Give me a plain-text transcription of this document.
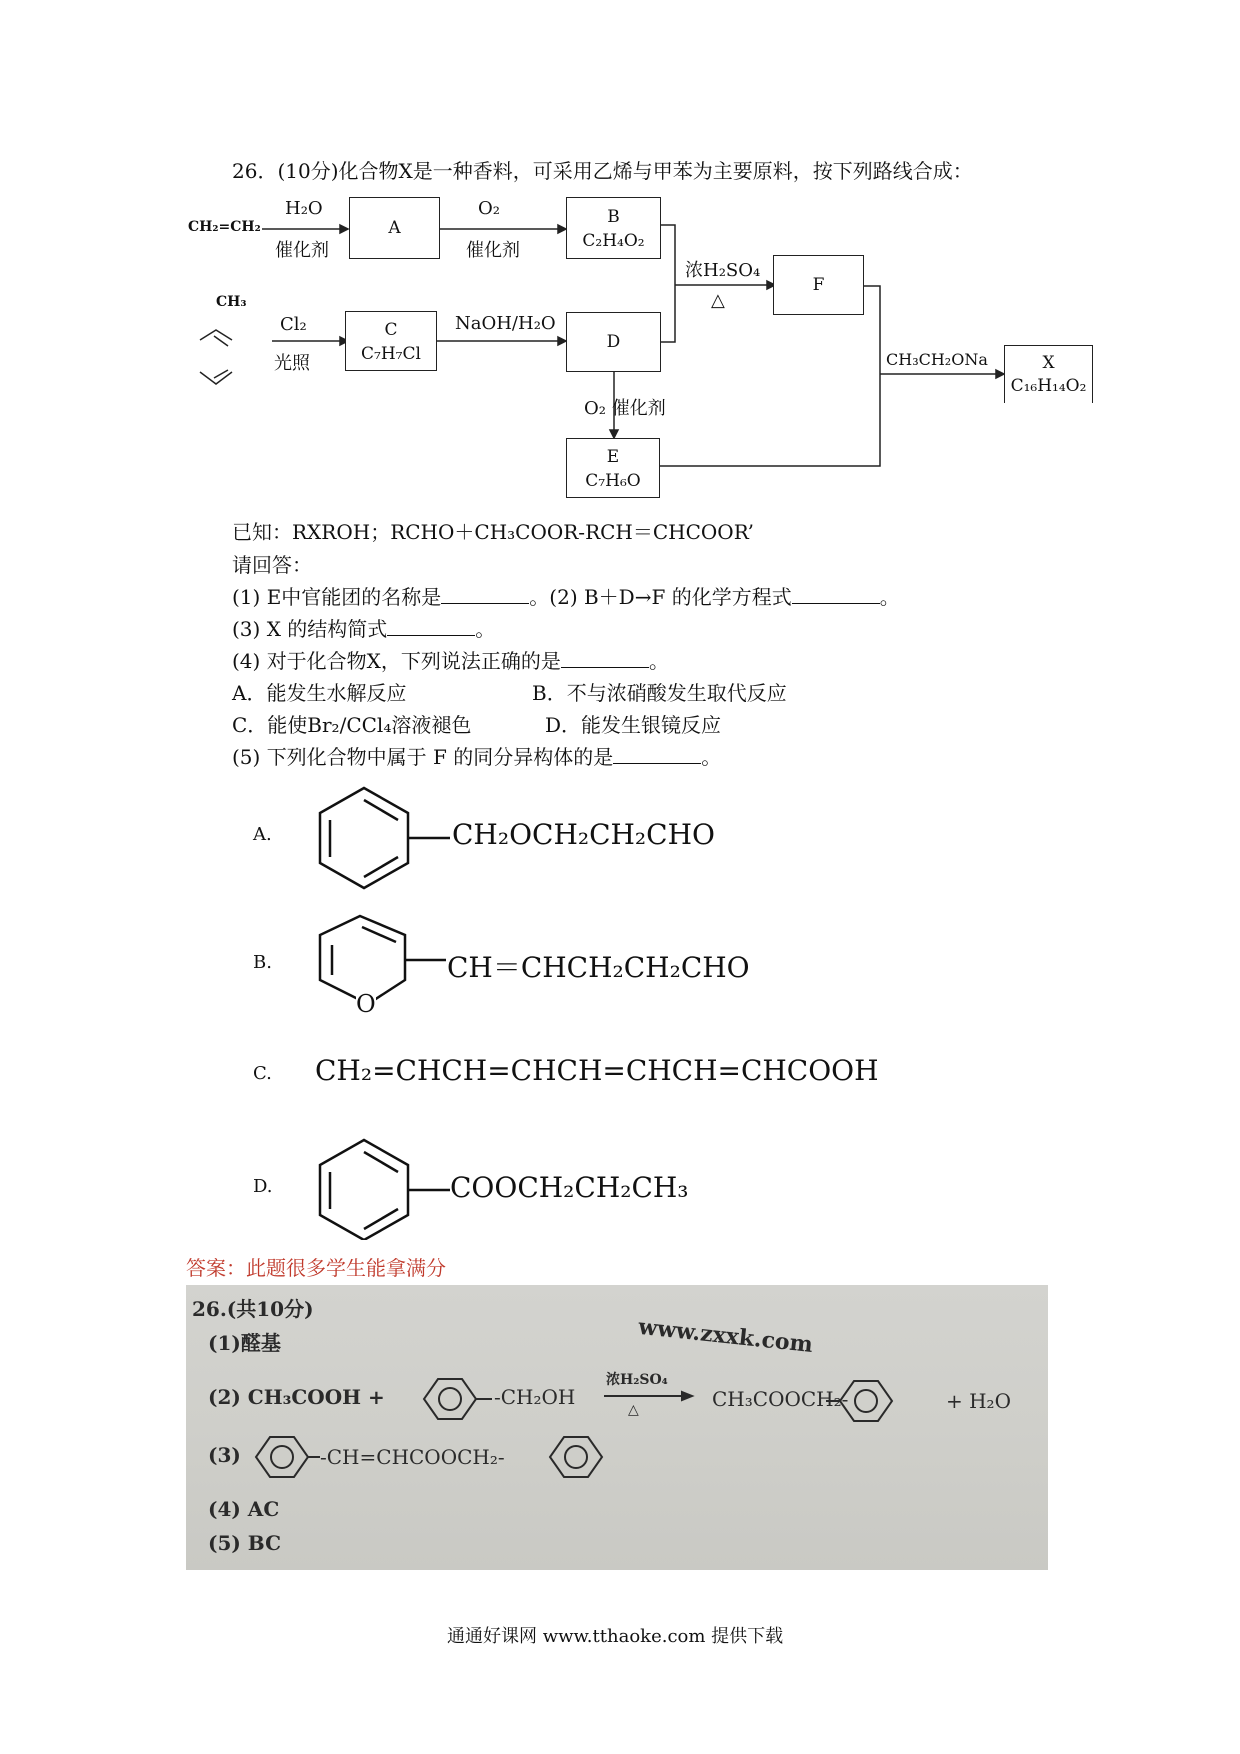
26．(10分)化合物X是一种香料，可采用乙烯与甲苯为主要原料，按下列路线合成：
CH₂=CH₂
H₂O
催化剂
A
O₂
催化剂
B
C₂H₄O₂
CH₃
Cl₂
光照
C
C₇H₇Cl
NaOH/H₂O
D
浓H₂SO₄
△
F
O₂ 催化剂
E
C₇H₆O
CH₃CH₂ONa	X
C₁₆H₁₄O₂
已知：RXROH；RCHO＋CH₃COOR-RCH＝CHCOOR’
请回答：
(1) E中官能团的名称是	。(2) B＋D→F 的化学方程式	。
(3) X 的结构简式	。
(4) 对于化合物X，下列说法正确的是	。
A．能发生水解反应	B．不与浓硝酸发生取代反应
C．能使Br₂/CCl₄溶液褪色	D．能发生银镜反应
(5) 下列化合物中属于 F 的同分异构体的是	。
A.	CH₂OCH₂CH₂CHO
B.	CH＝CHCH₂CH₂CHO
O
C. CH₂=CHCH=CHCH=CHCH=CHCOOH
D.	COOCH₂CH₂CH₃
答案：此题很多学生能拿满分
26.(共10分)
www.zxxk.com
(1)醛基
(2) CH₃COOH +	-CH₂OH
浓H₂SO₄
△	CH₃COOCH₂-	+ H₂O
(3)	-CH=CHCOOCH₂-
(4) AC
(5) BC
通通好课网 www.tthaoke.com 提供下载
